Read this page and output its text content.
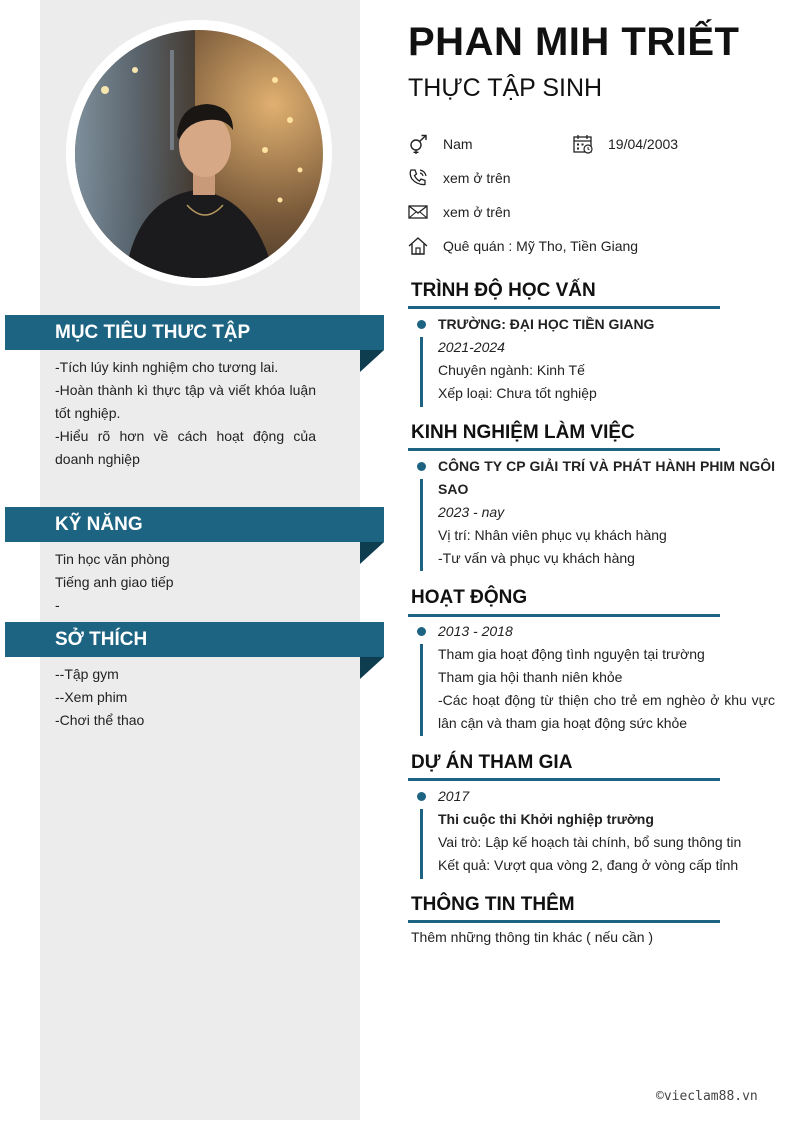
MỤC TIÊU THƯC TẬP
-Tích lúy kinh nghiệm cho tương lai.
-Hoàn thành kì thực tập và viết khóa luận
tốt nghiệp.
-Hiểu rõ hơn về cách hoạt động của
doanh nghiệp
KỸ NĂNG
Tin học văn phòng
Tiếng anh giao tiếp
-
SỞ THÍCH
--Tập gym
--Xem phim
-Chơi thể thao
PHAN MIH TRIẾT
THỰC TẬP SINH
Nam	19/04/2003
xem ở trên
xem ở trên
Quê quán : Mỹ Tho, Tiền Giang
TRÌNH ĐỘ HỌC VẤN
TRƯỜNG: ĐẠI HỌC TIỀN GIANG
2021-2024
Chuyên ngành: Kinh Tế
Xếp loại: Chưa tốt nghiệp
KINH NGHIỆM LÀM VIỆC
CÔNG TY CP GIẢI TRÍ VÀ PHÁT HÀNH PHIM NGÔI
SAO
2023 - nay
Vị trí: Nhân viên phục vụ khách hàng
-Tư vấn và phục vụ khách hàng
HOẠT ĐỘNG
2013 - 2018
Tham gia hoạt động tình nguyện tại trường
Tham gia hội thanh niên khỏe
-Các hoạt động từ thiện cho trẻ em nghèo ở khu vực
lân cận và tham gia hoạt động sức khỏe
DỰ ÁN THAM GIA
2017
Thi cuộc thi Khởi nghiệp trường
Vai trò: Lập kế hoạch tài chính, bổ sung thông tin
Kết quả: Vượt qua vòng 2, đang ở vòng cấp tỉnh
THÔNG TIN THÊM
Thêm những thông tin khác ( nếu cần )
©vieclam88.vn
